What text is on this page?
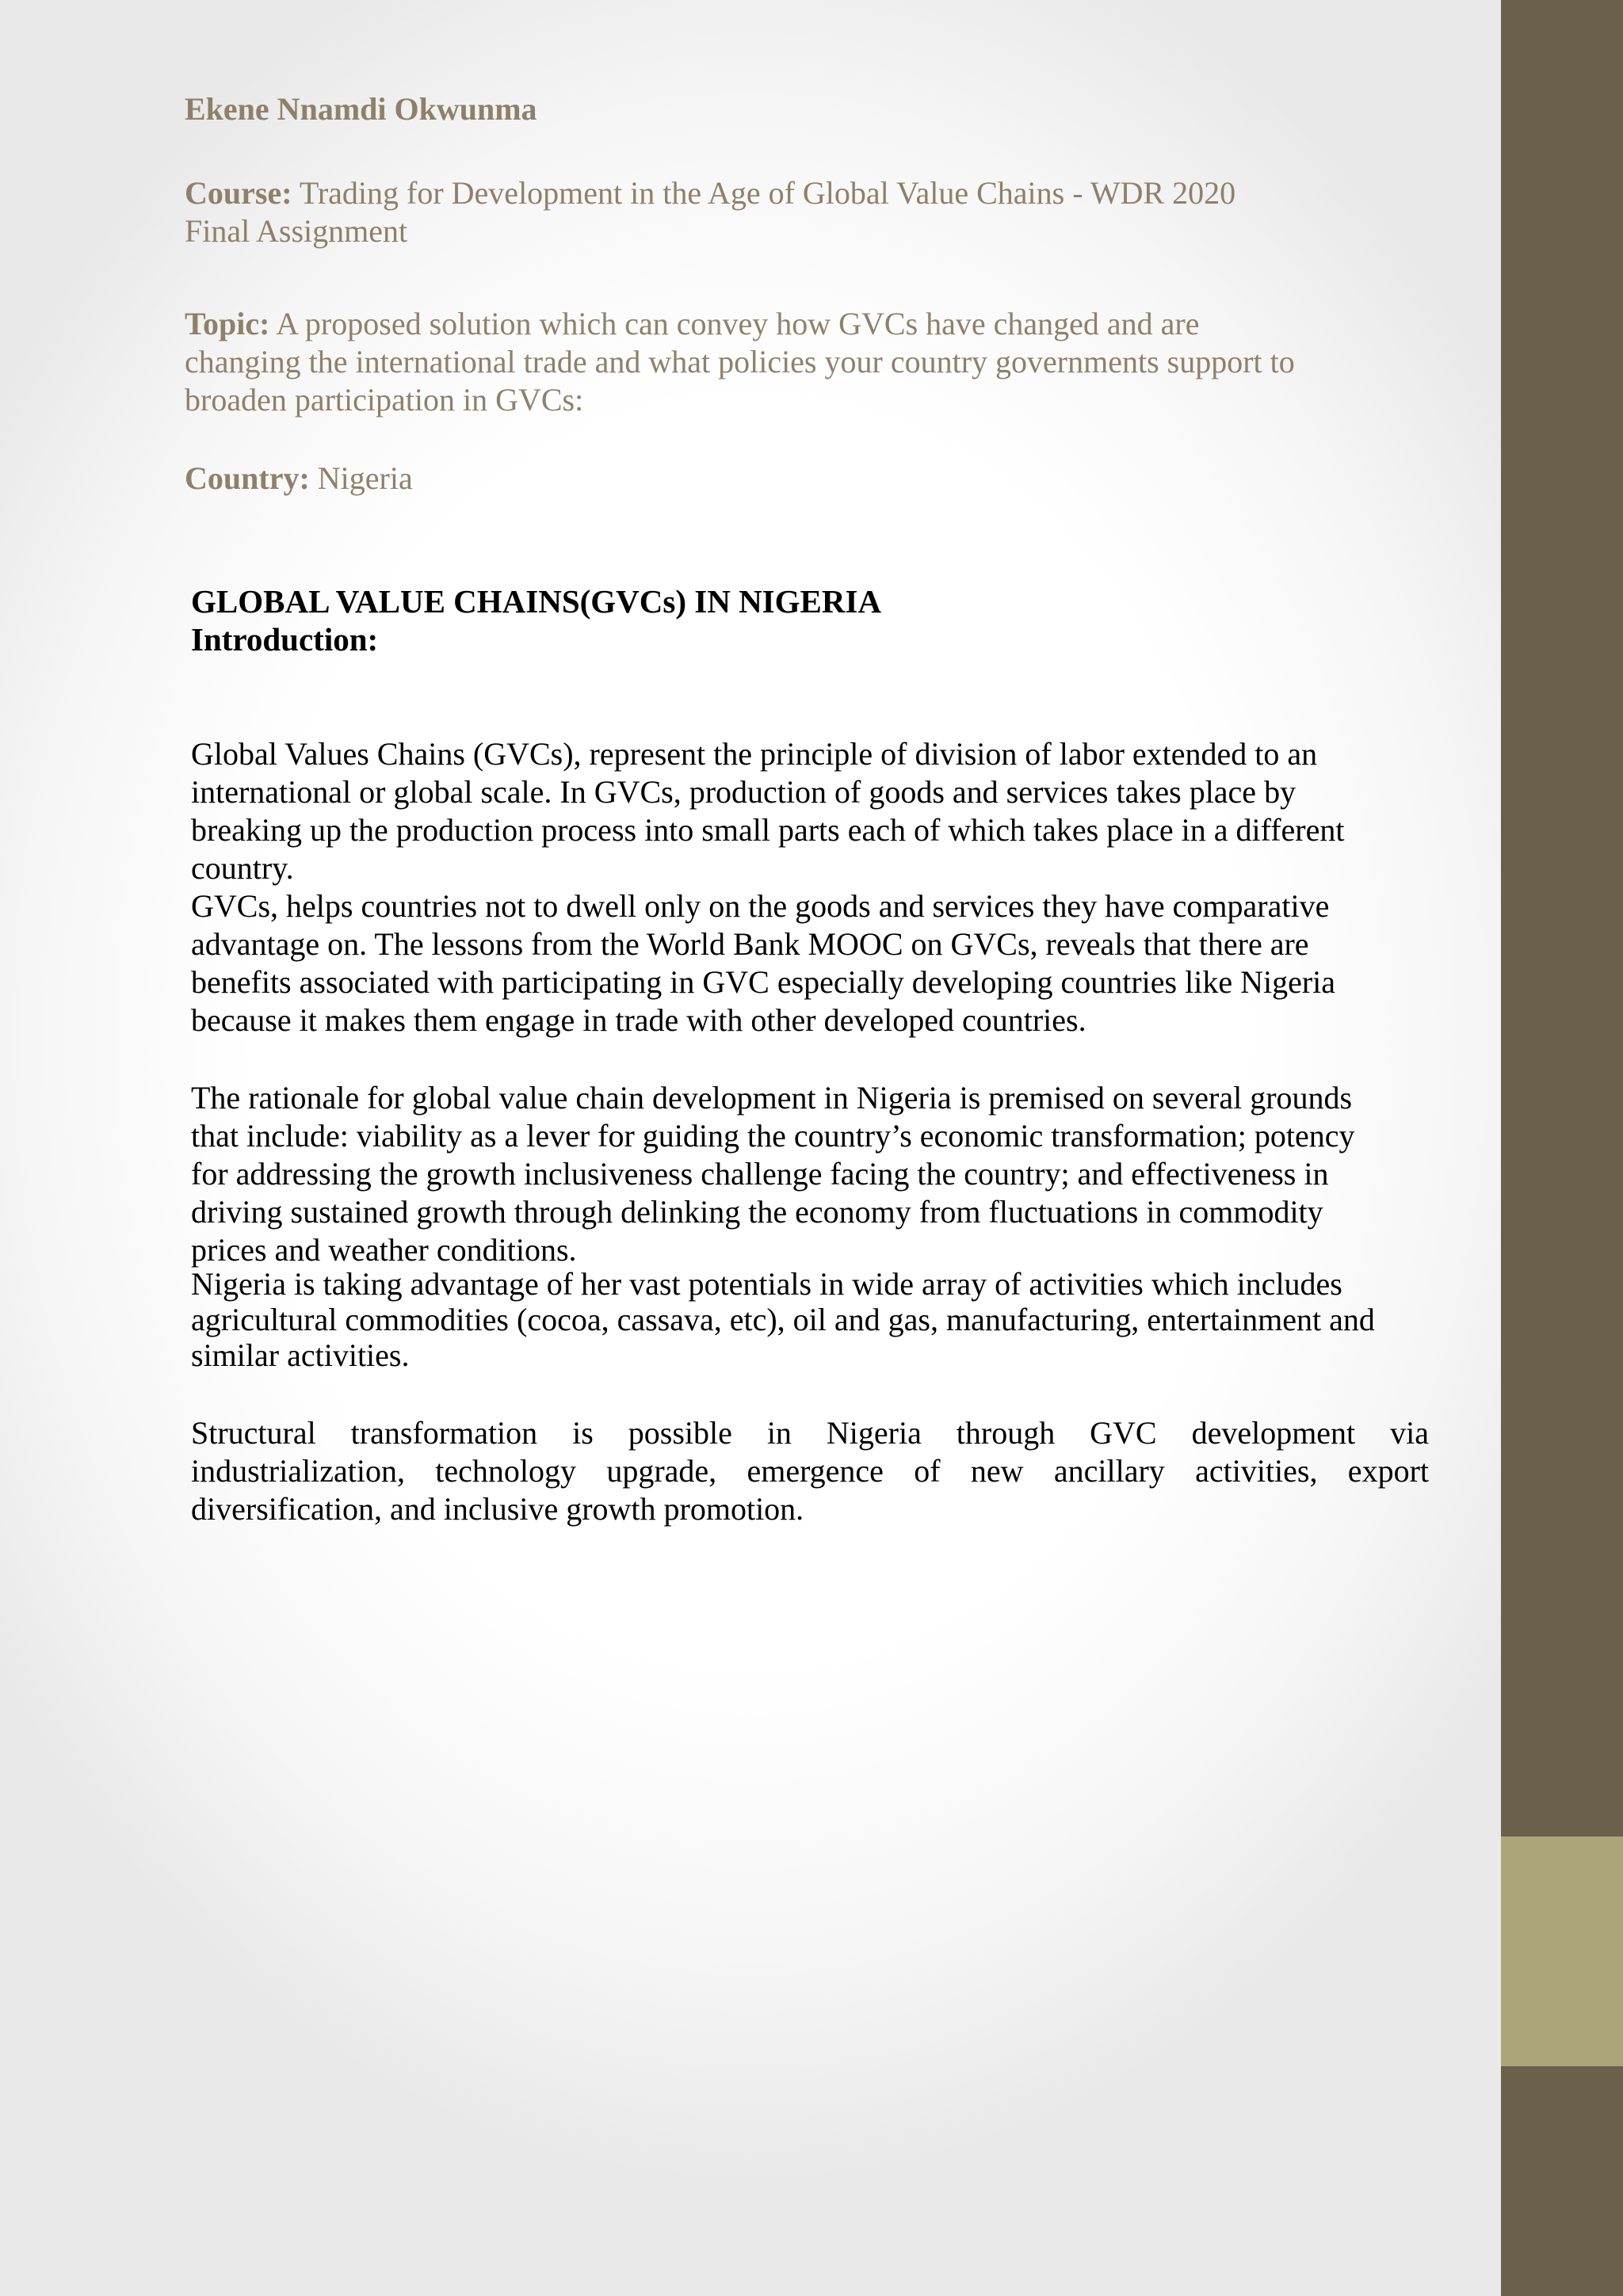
Ekene Nnamdi Okwunma

Course: Trading for Development in the Age of Global Value Chains - WDR 2020

Final Assignment

Topic: A proposed solution which can convey how GVCs have changed and are

changing the international trade and what policies your country governments support to

broaden participation in GVCs:

Country: Nigeria

GLOBAL VALUE CHAINS(GVCs) IN NIGERIA
Introduction:
Global Values Chains (GVCs), represent the principle of division of labor extended to an
international or global scale. In GVCs, production of goods and services takes place by
breaking up the production process into small parts each of which takes place in a different
country.
GVCs, helps countries not to dwell only on the goods and services they have comparative
advantage on. The lessons from the World Bank MOOC on GVCs, reveals that there are
benefits associated with participating in GVC especially developing countries like Nigeria
because it makes them engage in trade with other developed countries.
The rationale for global value chain development in Nigeria is premised on several grounds
that include: viability as a lever for guiding the country’s economic transformation; potency
for addressing the growth inclusiveness challenge facing the country; and effectiveness in
driving sustained growth through delinking the economy from fluctuations in commodity
prices and weather conditions.
Nigeria is taking advantage of her vast potentials in wide array of activities which includes
agricultural commodities (cocoa, cassava, etc), oil and gas, manufacturing, entertainment and
similar activities.
Structural transformation is possible in Nigeria through GVC development via
industrialization, technology upgrade, emergence of new ancillary activities, export
diversification, and inclusive growth promotion.
